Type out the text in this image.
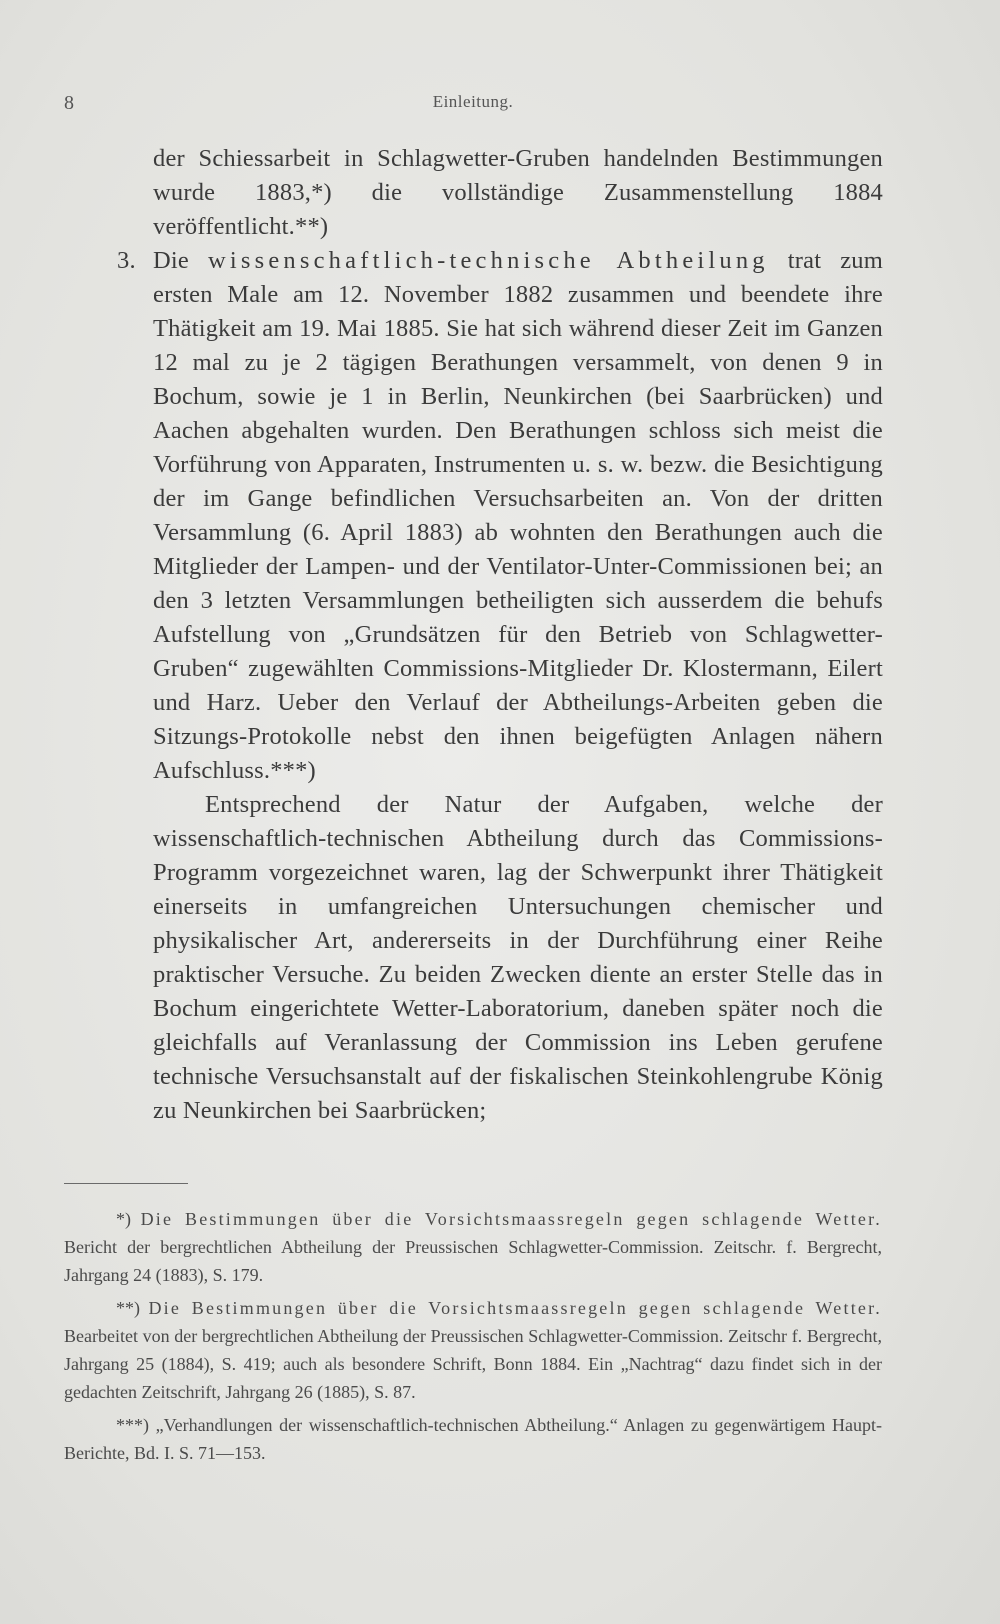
8	Einleitung.

der Schiessarbeit in Schlagwetter-Gruben handelnden Bestimmungen wurde 1883,*) die vollständige Zusammenstellung 1884 veröffentlicht.**)

3. Die wissenschaftlich-technische Abtheilung trat zum ersten Male am 12. November 1882 zusammen und beendete ihre Thätigkeit am 19. Mai 1885. Sie hat sich während dieser Zeit im Ganzen 12 mal zu je 2 tägigen Berathungen versammelt, von denen 9 in Bochum, sowie je 1 in Berlin, Neunkirchen (bei Saarbrücken) und Aachen abgehalten wurden. Den Berathungen schloss sich meist die Vorführung von Apparaten, Instrumenten u. s. w. bezw. die Besichtigung der im Gange befindlichen Versuchsarbeiten an. Von der dritten Versammlung (6. April 1883) ab wohnten den Berathungen auch die Mitglieder der Lampen- und der Ventilator-Unter-Commissionen bei; an den 3 letzten Versammlungen betheiligten sich ausserdem die behufs Aufstellung von „Grundsätzen für den Betrieb von Schlagwetter-Gruben“ zugewählten Commissions-Mitglieder Dr. Klostermann, Eilert und Harz. Ueber den Verlauf der Abtheilungs-Arbeiten geben die Sitzungs-Protokolle nebst den ihnen beigefügten Anlagen nähern Aufschluss.***)

Entsprechend der Natur der Aufgaben, welche der wissenschaftlich-technischen Abtheilung durch das Commissions-Programm vorgezeichnet waren, lag der Schwerpunkt ihrer Thätigkeit einerseits in umfangreichen Untersuchungen chemischer und physikalischer Art, andererseits in der Durchführung einer Reihe praktischer Versuche. Zu beiden Zwecken diente an erster Stelle das in Bochum eingerichtete Wetter-Laboratorium, daneben später noch die gleichfalls auf Veranlassung der Commission ins Leben gerufene technische Versuchsanstalt auf der fiskalischen Steinkohlengrube König zu Neunkirchen bei Saarbrücken;

*) Die Bestimmungen über die Vorsichtsmaassregeln gegen schlagende Wetter. Bericht der bergrechtlichen Abtheilung der Preussischen Schlagwetter-Commission. Zeitschr. f. Bergrecht, Jahrgang 24 (1883), S. 179.

**) Die Bestimmungen über die Vorsichtsmaassregeln gegen schlagende Wetter. Bearbeitet von der bergrechtlichen Abtheilung der Preussischen Schlagwetter-Commission. Zeitschr f. Bergrecht, Jahrgang 25 (1884), S. 419; auch als besondere Schrift, Bonn 1884. Ein „Nachtrag“ dazu findet sich in der gedachten Zeitschrift, Jahrgang 26 (1885), S. 87.

***) „Verhandlungen der wissenschaftlich-technischen Abtheilung.“ Anlagen zu gegenwärtigem Haupt-Berichte, Bd. I. S. 71—153.
